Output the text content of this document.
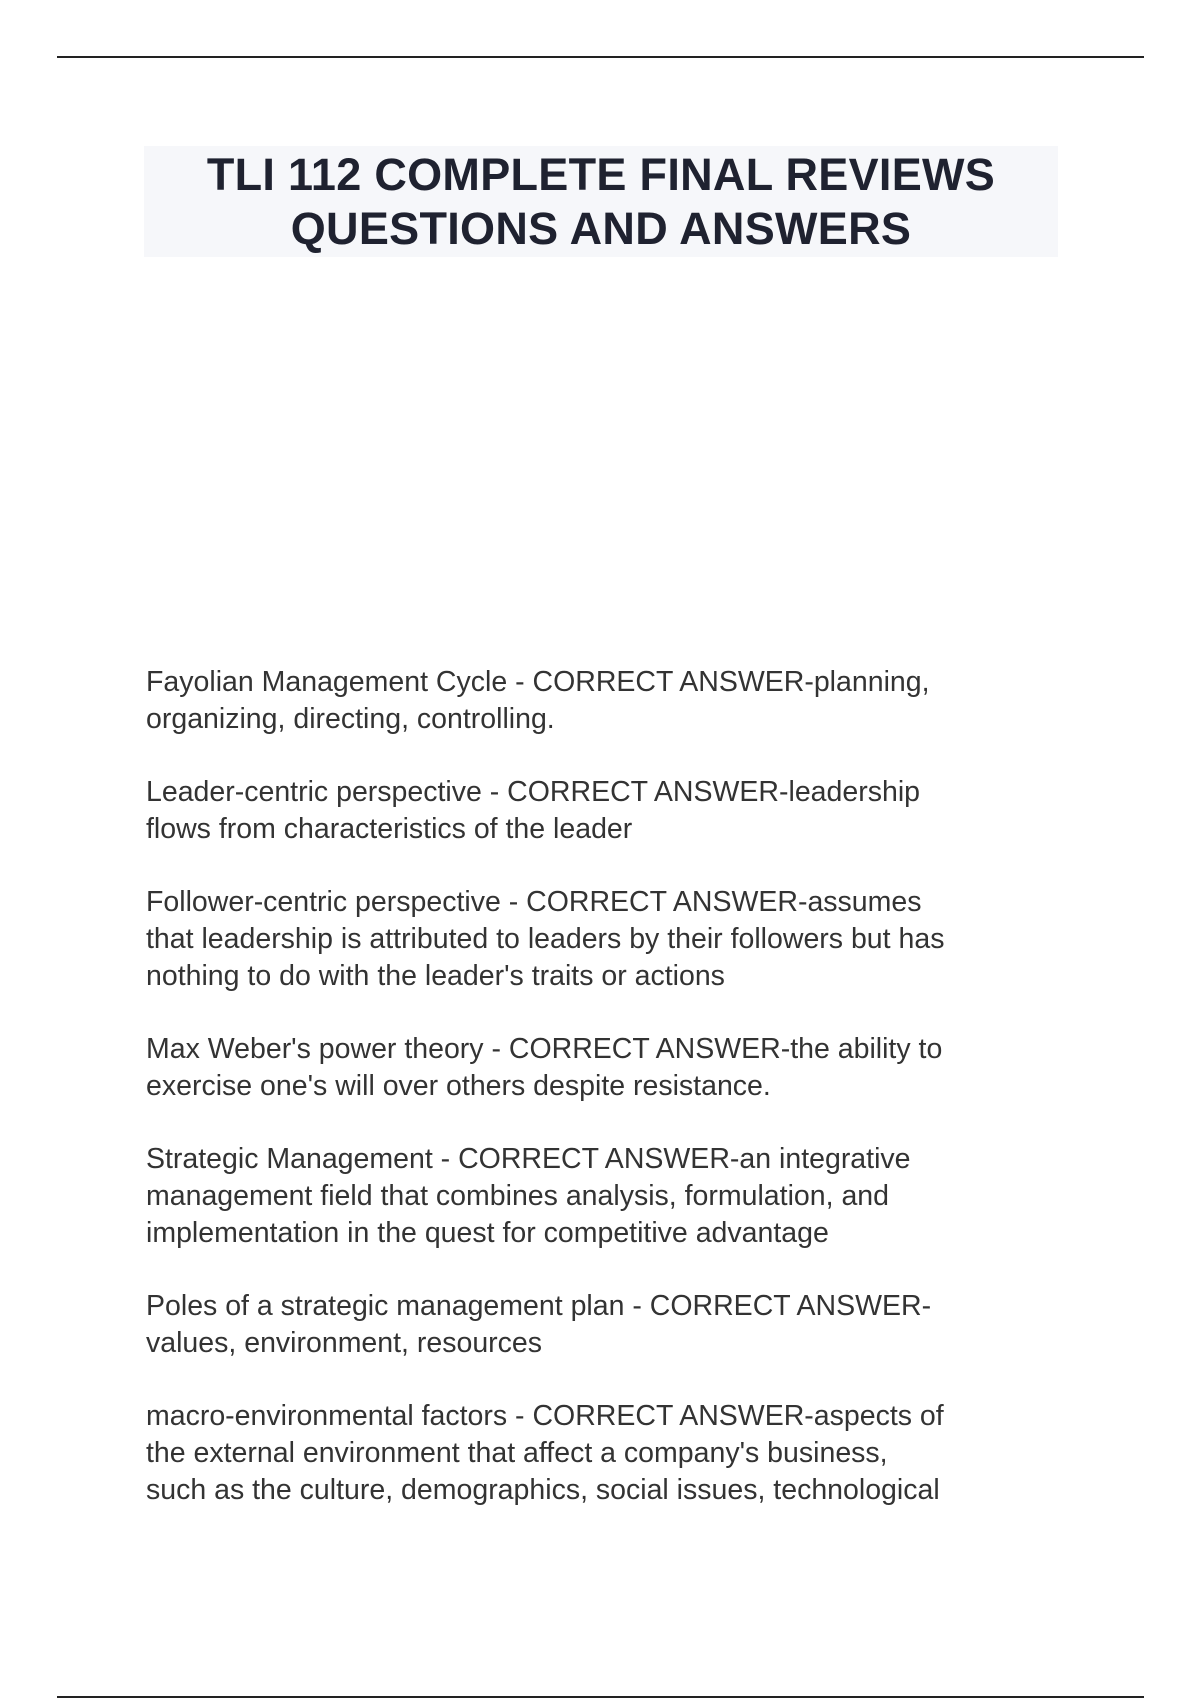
TLI 112 COMPLETE FINAL REVIEWS
QUESTIONS AND ANSWERS

Fayolian Management Cycle - CORRECT ANSWER-planning,
organizing, directing, controlling.

Leader-centric perspective - CORRECT ANSWER-leadership
flows from characteristics of the leader

Follower-centric perspective - CORRECT ANSWER-assumes
that leadership is attributed to leaders by their followers but has
nothing to do with the leader's traits or actions

Max Weber's power theory - CORRECT ANSWER-the ability to
exercise one's will over others despite resistance.

Strategic Management - CORRECT ANSWER-an integrative
management field that combines analysis, formulation, and
implementation in the quest for competitive advantage

Poles of a strategic management plan - CORRECT ANSWER-
values, environment, resources

macro-environmental factors - CORRECT ANSWER-aspects of
the external environment that affect a company's business,
such as the culture, demographics, social issues, technological
